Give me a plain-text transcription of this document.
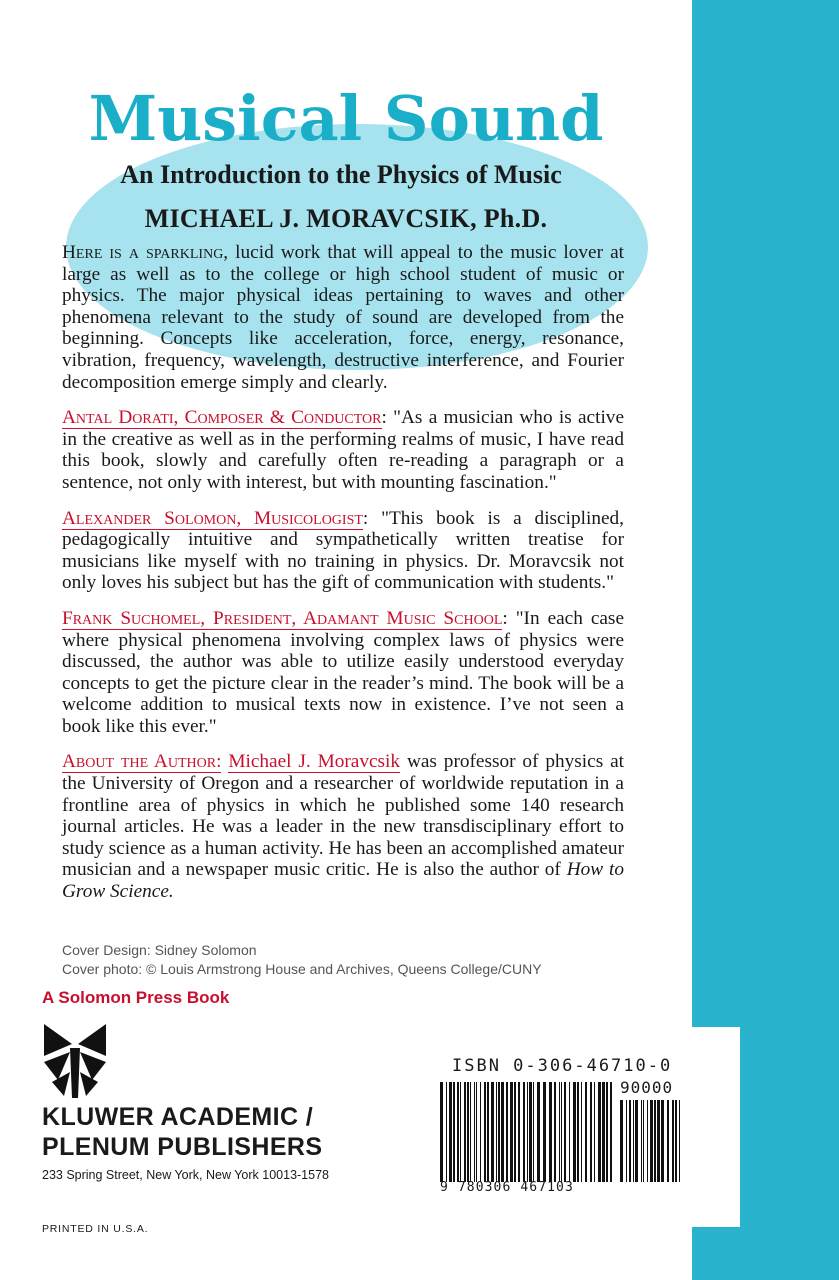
Musical Sound
An Introduction to the Physics of Music
MICHAEL J. MORAVCSIK, Ph.D.

Here is a sparkling, lucid work that will appeal to the music lover at large as well as to the college or high school student of music or physics. The major physical ideas pertaining to waves and other phenomena relevant to the study of sound are developed from the beginning. Concepts like acceleration, force, energy, resonance, vibration, frequency, wavelength, destructive interference, and Fourier decomposition emerge simply and clearly.

Antal Dorati, Composer & Conductor: "As a musician who is active in the creative as well as in the performing realms of music, I have read this book, slowly and carefully often re-reading a paragraph or a sentence, not only with interest, but with mounting fascination."

Alexander Solomon, Musicologist: "This book is a disciplined, pedagogically intuitive and sympathetically written treatise for musicians like myself with no training in physics. Dr. Moravcsik not only loves his subject but has the gift of communication with students."

Frank Suchomel, President, Adamant Music School: "In each case where physical phenomena involving complex laws of physics were discussed, the author was able to utilize easily understood everyday concepts to get the picture clear in the reader’s mind. The book will be a welcome addition to musical texts now in existence. I’ve not seen a book like this ever."

About the Author: Michael J. Moravcsik was professor of physics at the University of Oregon and a researcher of worldwide reputation in a frontline area of physics in which he published some 140 research journal articles. He was a leader in the new transdisciplinary effort to study science as a human activity. He has been an accomplished amateur musician and a newspaper music critic. He is also the author of How to Grow Science.

Cover Design: Sidney Solomon
Cover photo: © Louis Armstrong House and Archives, Queens College/CUNY
A Solomon Press Book
KLUWER ACADEMIC /
PLENUM PUBLISHERS
233 Spring Street, New York, New York 10013-1578
PRINTED IN U.S.A.
ISBN 0-306-46710-0
90000
9 780306 467103
